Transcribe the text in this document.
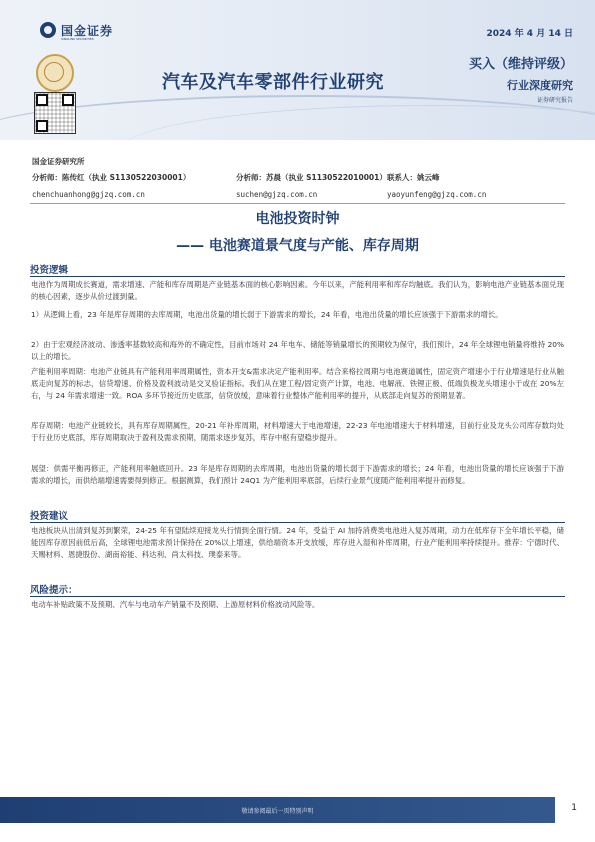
国金证券
SINOLINK SECURITIES	2024 年 4 月 14 日
汽车及汽车零部件行业研究
买入（维持评级）
行业深度研究
证券研究报告
国金证券研究所
分析师：陈传红（执业 S1130522030001）	分析师：苏晨（执业 S1130522010001） 联系人：姚云峰
chenchuanhong@gjzq.com.cn	suchen@gjzq.com.cn	yaoyunfeng@gjzq.com.cn
电池投资时钟
—— 电池赛道景气度与产能、库存周期
投资逻辑
电池作为周期成长赛道，需求增速、产能和库存周期是产业链基本面的核心影响因素。今年以来，产能利用率和库存均触底。我们认为，影响电池产业链基本面兑现的核心因素，逐步从价过渡到量。
1）从逻辑上看，23 年是库存周期的去库周期，电池出货量的增长弱于下游需求的增长，24 年看，电池出货量的增长应该强于下游需求的增长。
2）由于宏观经济波动、渗透率基数较高和海外的不确定性，目前市场对 24 年电车、储能等销量增长的预期较为保守，我们预计，24 年全球锂电销量将维持 20%以上的增长。
产能利用率周期：电池产业链具有产能利用率周期属性，资本开支&需求决定产能利用率。结合来格拉周期与电池赛道属性，固定资产增速小于行业增速是行业从触底走向复苏的标志，信贷增速、价格及盈利波动是交叉验证指标。我们从在建工程/固定资产计算，电池、电解液、铁锂正极、低端负极龙头增速小于或在 20%左右，与 24 年需求增速一致。ROA 多环节接近历史底部，信贷放缓，意味着行业整体产能利用率的提升，从底部走向复苏的预期显著。
库存周期：电池产业链较长，具有库存周期属性，20-21 年补库周期，材料增速大于电池增速，22-23 年电池增速大于材料增速，目前行业及龙头公司库存数均处于行业历史底部，库存周期取决于盈利及需求预期，随需求逐步复苏，库存中枢有望稳步提升。
展望：供需平衡再修正，产能利用率触底回升。23 年是库存周期的去库周期，电池出货量的增长弱于下游需求的增长；24 年看，电池出货量的增长应该强于下游需求的增长，而供给端增速需要得到修正。根据测算，我们预计 24Q1 为产能利用率底部，后续行业景气度随产能利用率提升而修复。
投资建议
电池板块从出清到复苏到繁荣，24-25 年有望陆续迎接龙头行情到全面行情。24 年，受益于 AI 加持消费类电池进入复苏周期，动力在低库存下全年增长平稳，储能因库存原因前低后高，全球锂电池需求预计保持在 20%以上增速，供给端资本开支放缓，库存进入湿和补库周期，行业产能利用率持续提升。推荐：宁德时代、天赐材料、恩捷股份、湖南裕能、科达利、尚太科技、璞泰来等。
风险提示：
电动车补贴政策不及预期、汽车与电动车产销量不及预期、上游原材料价格波动风险等。
敬请参阅最后一页特别声明	1
